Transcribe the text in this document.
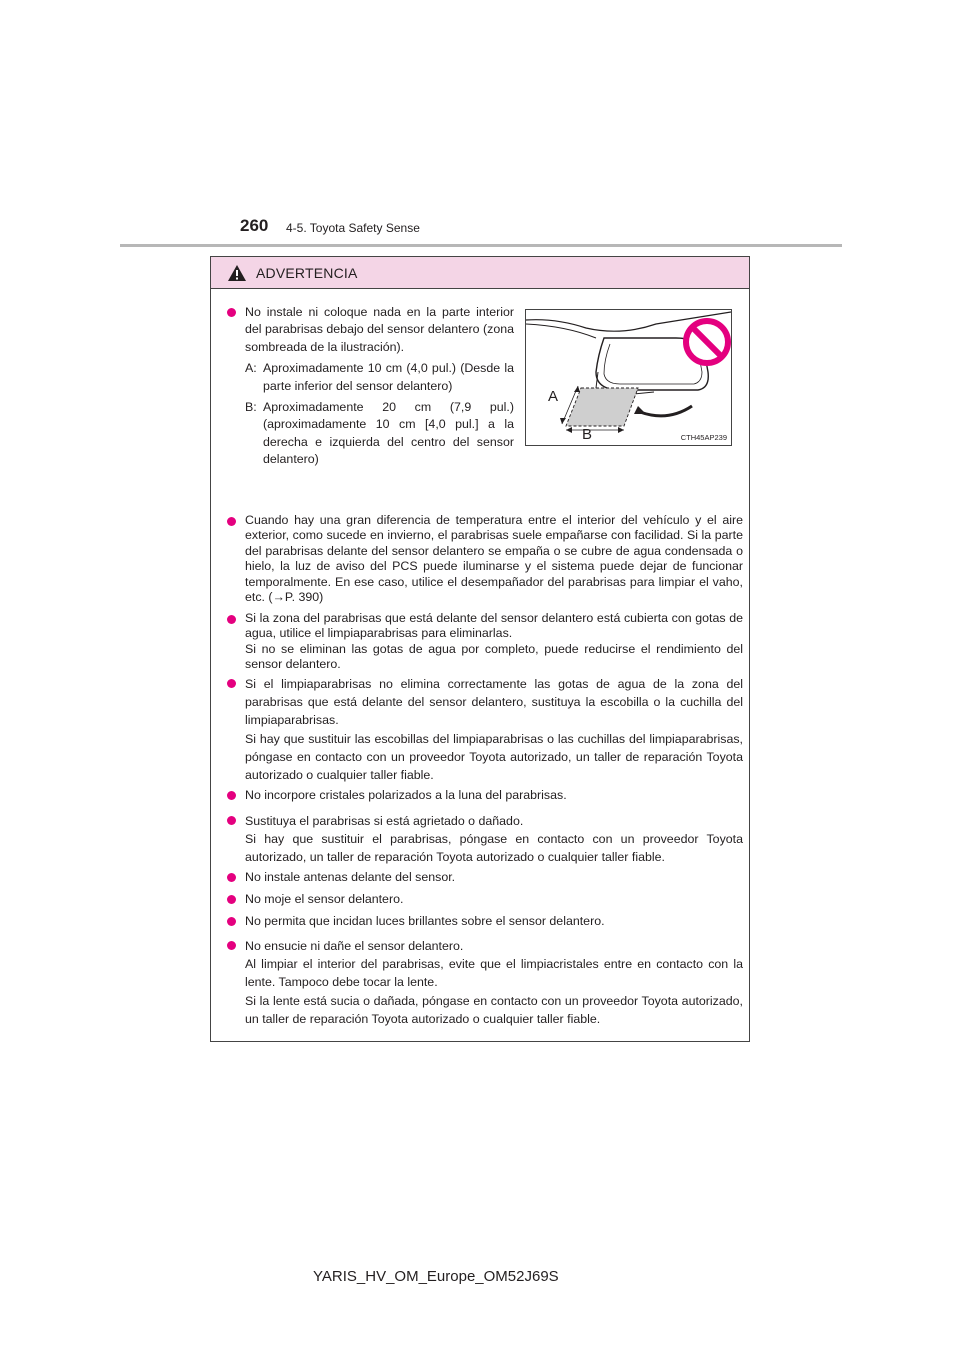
260 4-5. Toyota Safety Sense
ADVERTENCIA

No instale ni coloque nada en la parte interior del parabrisas debajo del sensor delantero (zona sombreada de la ilustración).

A: Aproximadamente 10 cm (4,0 pul.) (Desde la parte inferior del sensor delantero)
B: Aproximadamente 20 cm (7,9 pul.) (aproximadamente 10 cm [4,0 pul.] a la derecha e izquierda del centro del sensor delantero)
A
B	CTH45AP239

Cuando hay una gran diferencia de temperatura entre el interior del vehículo y el aire exterior, como sucede en invierno, el parabrisas suele empañarse con facilidad. Si la parte del parabrisas delante del sensor delantero se empaña o se cubre de agua condensada o hielo, la luz de aviso del PCS puede iluminarse y el sistema puede dejar de funcionar temporalmente. En ese caso, utilice el desempañador del parabrisas para limpiar el vaho, etc. (→P. 390)

Si la zona del parabrisas que está delante del sensor delantero está cubierta con gotas de agua, utilice el limpiaparabrisas para eliminarlas.

Si no se eliminan las gotas de agua por completo, puede reducirse el rendimiento del sensor delantero.

Si el limpiaparabrisas no elimina correctamente las gotas de agua de la zona del parabrisas que está delante del sensor delantero, sustituya la escobilla o la cuchilla del limpiaparabrisas.

Si hay que sustituir las escobillas del limpiaparabrisas o las cuchillas del limpiaparabrisas, póngase en contacto con un proveedor Toyota autorizado, un taller de reparación Toyota autorizado o cualquier taller fiable.

No incorpore cristales polarizados a la luna del parabrisas.

Sustituya el parabrisas si está agrietado o dañado.

Si hay que sustituir el parabrisas, póngase en contacto con un proveedor Toyota autorizado, un taller de reparación Toyota autorizado o cualquier taller fiable.

No instale antenas delante del sensor.

No moje el sensor delantero.

No permita que incidan luces brillantes sobre el sensor delantero.

No ensucie ni dañe el sensor delantero.

Al limpiar el interior del parabrisas, evite que el limpiacristales entre en contacto con la lente. Tampoco debe tocar la lente.

Si la lente está sucia o dañada, póngase en contacto con un proveedor Toyota autorizado, un taller de reparación Toyota autorizado o cualquier taller fiable.

YARIS_HV_OM_Europe_OM52J69S
